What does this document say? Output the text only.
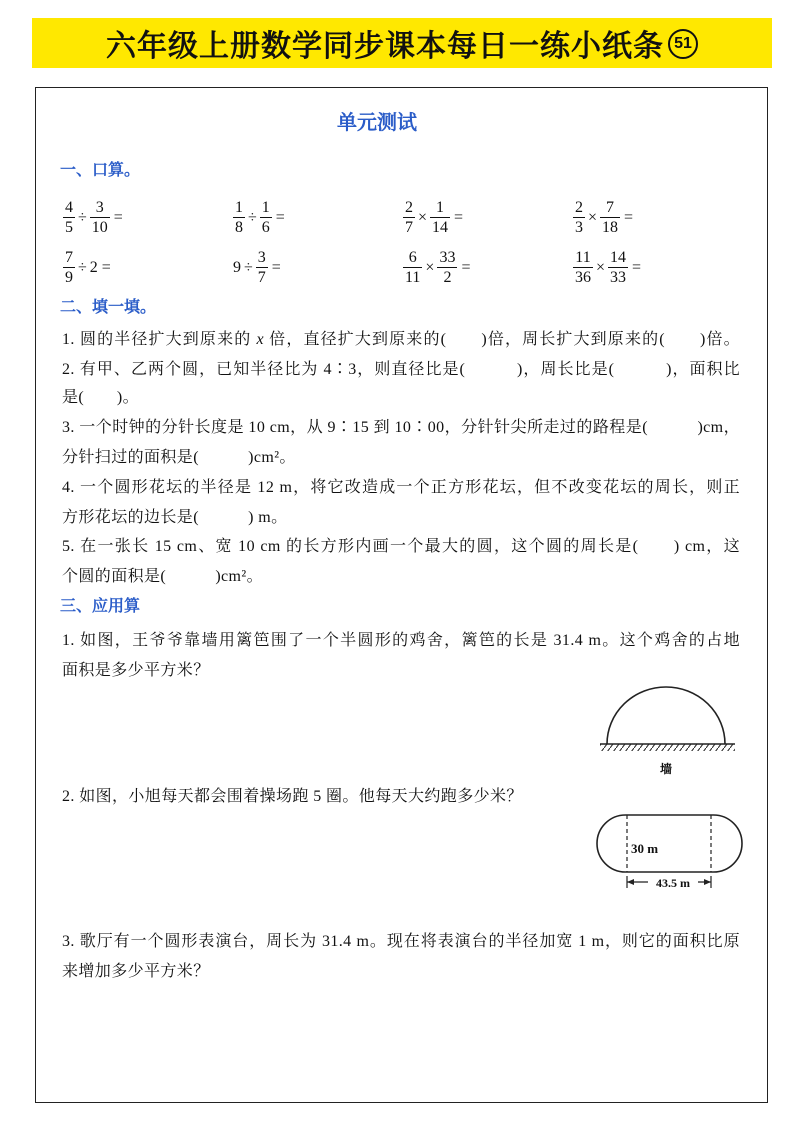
六年级上册数学同步课本每日一练小纸条 51
单元测试
一、口算。
$\frac{4}{5} \div \frac{3}{10}$ =	$\frac{1}{8} \div \frac{1}{6}$ =	$\frac{2}{7} \times \frac{1}{14}$ =	$\frac{2}{3} \times \frac{7}{18}$ =
$\frac{7}{9} \div 2$ =	$9 \div \frac{3}{7}$ =	$\frac{6}{11} \times \frac{33}{2}$ =	$\frac{11}{36} \times \frac{14}{33}$ =
二、填一填。
1. 圆的半径扩大到原来的 x 倍，直径扩大到原来的(　　)倍，周长扩大到原来的(　　)倍。
2. 有甲、乙两个圆，已知半径比为 4∶3，则直径比是(　　　)，周长比是(　　　)，面积比
是(　　)。
3. 一个时钟的分针长度是 10 cm，从 9∶15 到 10∶00，分针针尖所走过的路程是(　　　)cm，
分针扫过的面积是(　　　)cm²。
4. 一个圆形花坛的半径是 12 m，将它改造成一个正方形花坛，但不改变花坛的周长，则正
方形花坛的边长是(　　　) m。
5. 在一张长 15 cm、宽 10 cm 的长方形内画一个最大的圆，这个圆的周长是(　　) cm，这
个圆的面积是(　　　)cm²。
三、应用算
1. 如图，王爷爷靠墙用篱笆围了一个半圆形的鸡舍，篱笆的长是 31.4 m。这个鸡舍的占地
面积是多少平方米？
墙
2. 如图，小旭每天都会围着操场跑 5 圈。他每天大约跑多少米？
30 m
43.5 m
3. 歌厅有一个圆形表演台，周长为 31.4 m。现在将表演台的半径加宽 1 m，则它的面积比原
来增加多少平方米？
